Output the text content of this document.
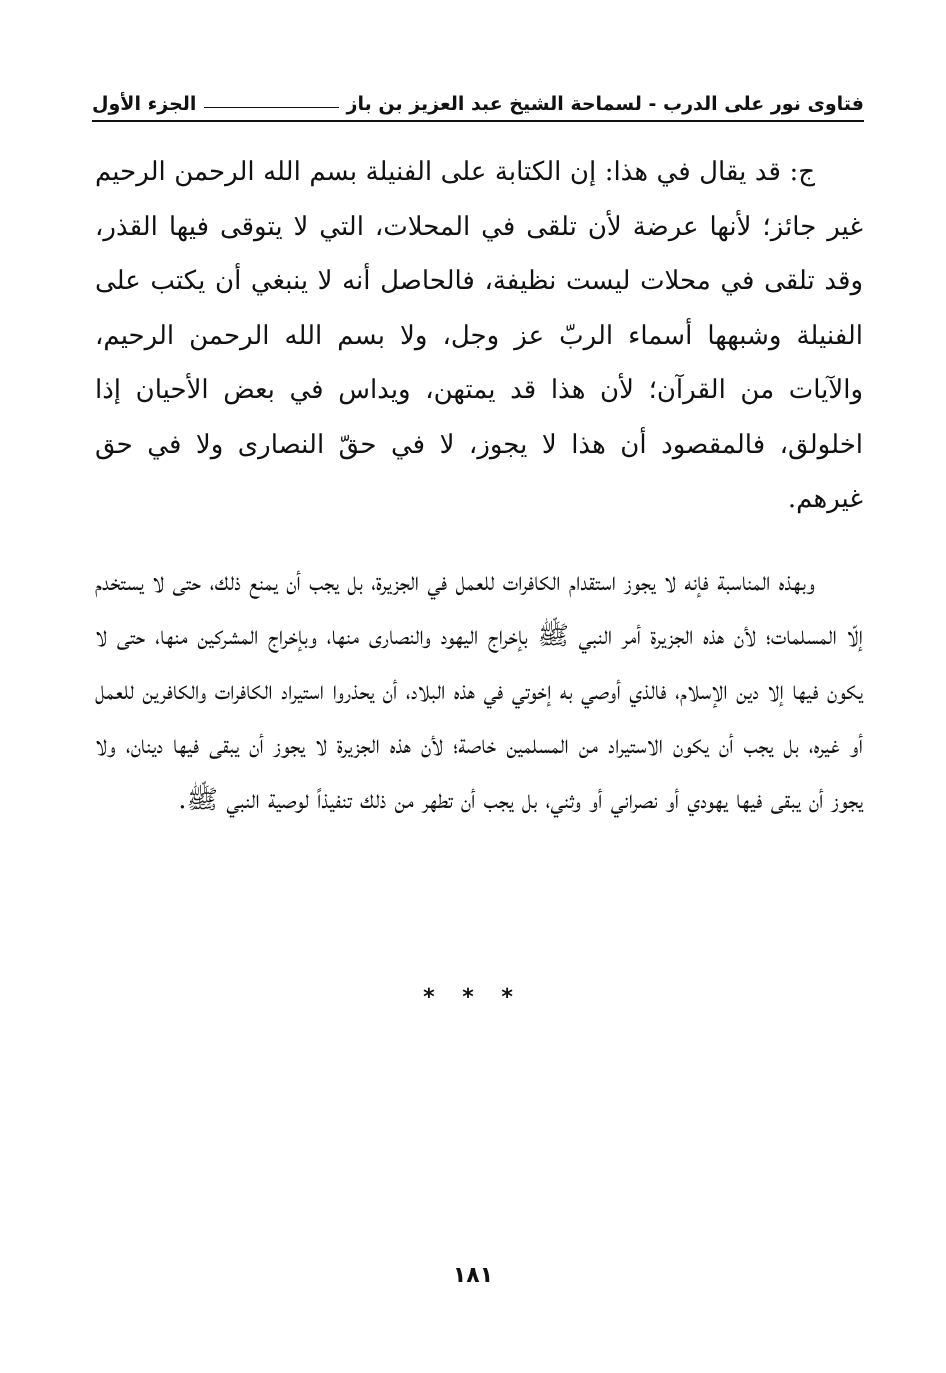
فتاوى نور على الدرب - لسماحة الشيخ عبد العزيز بن باز
الجزء الأول

ج: قد يقال في هذا: إن الكتابة على الفنيلة بسم الله الرحمن الرحيم غير جائز؛ لأنها عرضة لأن تلقى في المحلات، التي لا يتوقى فيها القذر، وقد تلقى في محلات ليست نظيفة، فالحاصل أنه لا ينبغي أن يكتب على الفنيلة وشبهها أسماء الربّ عز وجل، ولا بسم الله الرحمن الرحيم، والآيات من القرآن؛ لأن هذا قد يمتهن، ويداس في بعض الأحيان إذا اخلولق، فالمقصود أن هذا لا يجوز، لا في حقّ النصارى ولا في حق غيرهم.

وبهذه المناسبة فإنه لا يجوز استقدام الكافرات للعمل في الجزيرة، بل يجب أن يمنع ذلك، حتى لا يستخدم إلّا المسلمات؛ لأن هذه الجزيرة أمر النبي ﷺ بإخراج اليهود والنصارى منها، وبإخراج المشركين منها، حتى لا يكون فيها إلا دين الإسلام، فالذي أوصي به إخوتي في هذه البلاد، أن يحذروا استيراد الكافرات والكافرين للعمل أو غيره، بل يجب أن يكون الاستيراد من المسلمين خاصة؛ لأن هذه الجزيرة لا يجوز أن يبقى فيها دينان، ولا يجوز أن يبقى فيها يهودي أو نصراني أو وثني، بل يجب أن تطهر من ذلك تنفيذاً لوصية النبي ﷺ.

* * *
١٨١
